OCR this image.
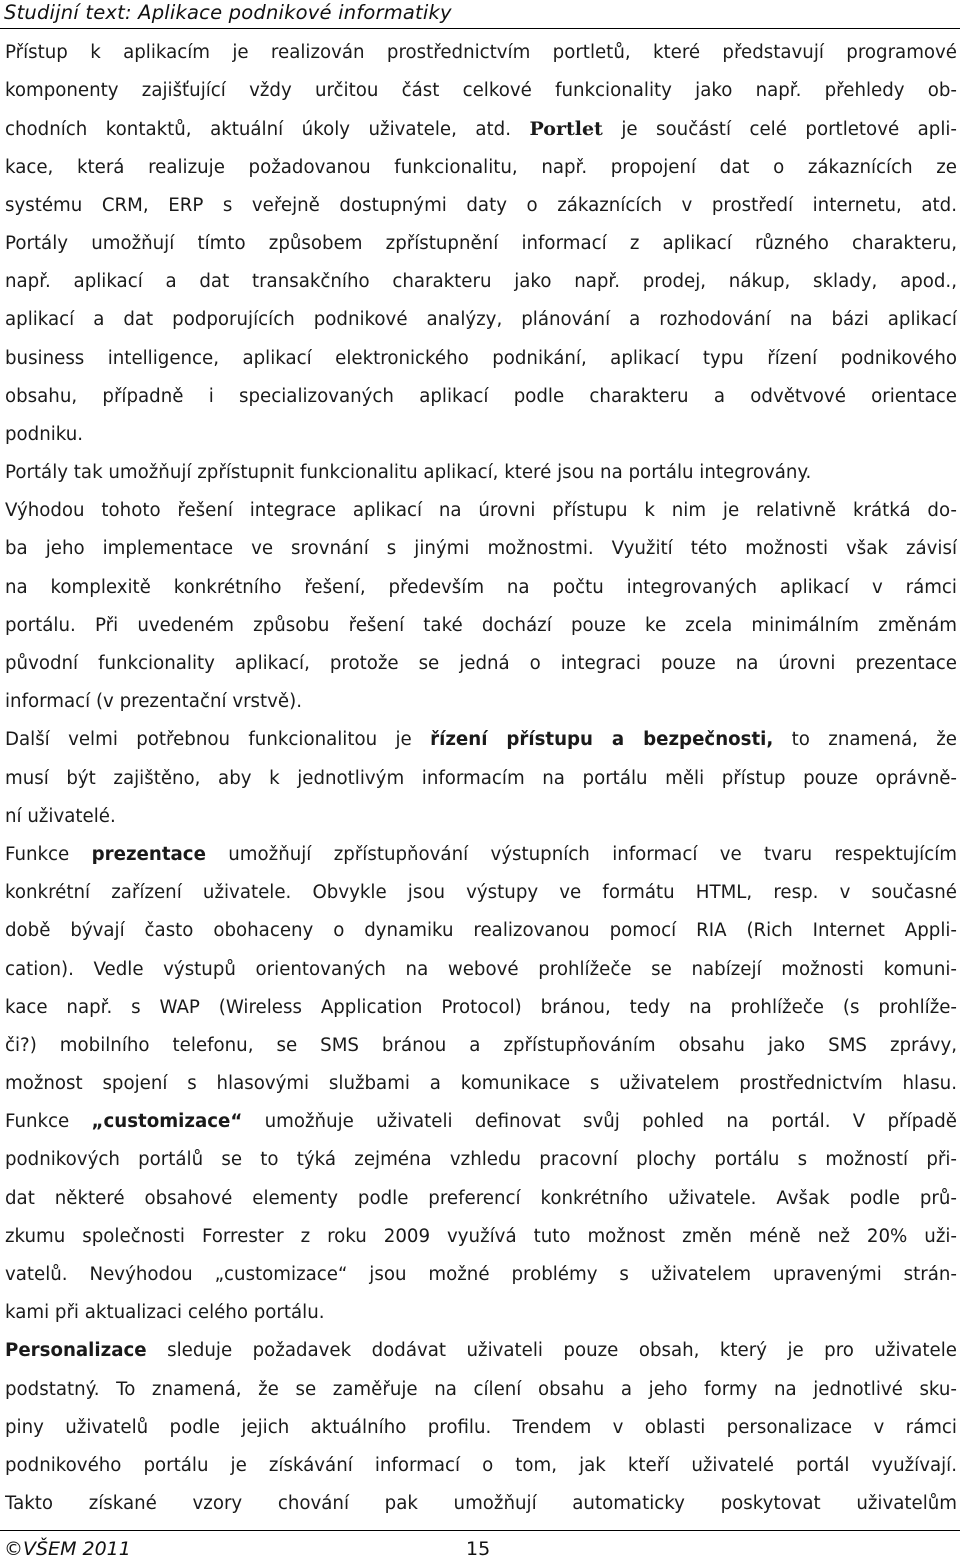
Studijní text: Aplikace podnikové informatiky
Přístup k aplikacím je realizován prostřednictvím portletů, které představují programové
komponenty zajišťující vždy určitou část celkové funkcionality jako např. přehledy ob-
chodních kontaktů, aktuální úkoly uživatele, atd. Portlet je součástí celé portletové apli-
kace, která realizuje požadovanou funkcionalitu, např. propojení dat o zákaznících ze
systému CRM, ERP s veřejně dostupnými daty o zákaznících v prostředí internetu, atd.
Portály umožňují tímto způsobem zpřístupnění informací z aplikací různého charakteru,
např. aplikací a dat transakčního charakteru jako např. prodej, nákup, sklady, apod.,
aplikací a dat podporujících podnikové analýzy, plánování a rozhodování na bázi aplikací
business intelligence, aplikací elektronického podnikání, aplikací typu řízení podnikového
obsahu, případně i specializovaných aplikací podle charakteru a odvětvové orientace
podniku.
Portály tak umožňují zpřístupnit funkcionalitu aplikací, které jsou na portálu integrovány.
Výhodou tohoto řešení integrace aplikací na úrovni přístupu k nim je relativně krátká do-
ba jeho implementace ve srovnání s jinými možnostmi. Využití této možnosti však závisí
na komplexitě konkrétního řešení, především na počtu integrovaných aplikací v rámci
portálu. Při uvedeném způsobu řešení také dochází pouze ke zcela minimálním změnám
původní funkcionality aplikací, protože se jedná o integraci pouze na úrovni prezentace
informací (v prezentační vrstvě).
Další velmi potřebnou funkcionalitou je řízení přístupu a bezpečnosti, to znamená, že
musí být zajištěno, aby k jednotlivým informacím na portálu měli přístup pouze oprávně-
ní uživatelé.
Funkce prezentace umožňují zpřístupňování výstupních informací ve tvaru respektujícím
konkrétní zařízení uživatele. Obvykle jsou výstupy ve formátu HTML, resp. v současné
době bývají často obohaceny o dynamiku realizovanou pomocí RIA (Rich Internet Appli-
cation). Vedle výstupů orientovaných na webové prohlížeče se nabízejí možnosti komuni-
kace např. s WAP (Wireless Application Protocol) bránou, tedy na prohlížeče (s prohlíže-
či?) mobilního telefonu, se SMS bránou a zpřístupňováním obsahu jako SMS zprávy,
možnost spojení s hlasovými službami a komunikace s uživatelem prostřednictvím hlasu.
Funkce „customizace“ umožňuje uživateli definovat svůj pohled na portál. V případě
podnikových portálů se to týká zejména vzhledu pracovní plochy portálu s možností při-
dat některé obsahové elementy podle preferencí konkrétního uživatele. Avšak podle prů-
zkumu společnosti Forrester z roku 2009 využívá tuto možnost změn méně než 20% uži-
vatelů. Nevýhodou „customizace“ jsou možné problémy s uživatelem upravenými strán-
kami při aktualizaci celého portálu.
Personalizace sleduje požadavek dodávat uživateli pouze obsah, který je pro uživatele
podstatný. To znamená, že se zaměřuje na cílení obsahu a jeho formy na jednotlivé sku-
piny uživatelů podle jejich aktuálního profilu. Trendem v oblasti personalizace v rámci
podnikového portálu je získávání informací o tom, jak kteří uživatelé portál využívají.
Takto získané vzory chování pak umožňují automaticky poskytovat uživatelům
©VŠEM 2011	15
